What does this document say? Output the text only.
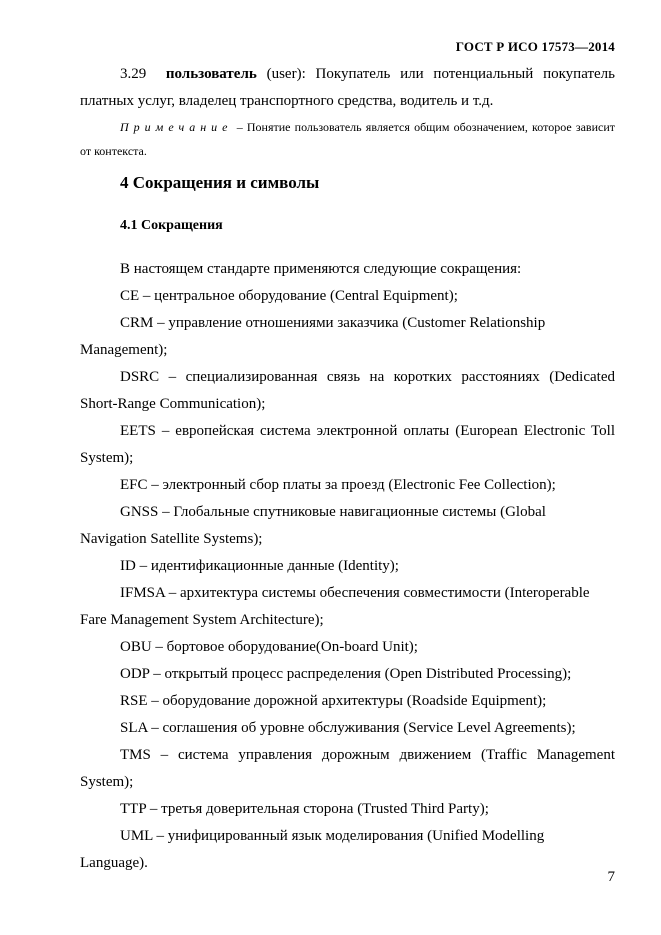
ГОСТ Р ИСО 17573—2014

3.29 пользователь (user): Покупатель или потенциальный покупатель платных услуг, владелец транспортного средства, водитель и т.д.

Примечание – Понятие пользователь является общим обозначением, которое зависит от контекста.

4 Сокращения и символы
4.1 Сокращения

В настоящем стандарте применяются следующие сокращения:

CE – центральное оборудование (Central Equipment);

CRM – управление отношениями заказчика (Customer Relationship Management);

DSRC – специализированная связь на коротких расстояниях (Dedicated Short-Range Communication);

EETS – европейская система электронной оплаты (European Electronic Toll System);

EFC – электронный сбор платы за проезд (Electronic Fee Collection);

GNSS – Глобальные спутниковые навигационные системы (Global Navigation Satellite Systems);

ID – идентификационные данные (Identity);

IFMSA – архитектура системы обеспечения совместимости (Interoperable Fare Management System Architecture);

OBU – бортовое оборудование(On-board Unit);

ODP – открытый процесс распределения (Open Distributed Processing);

RSE – оборудование дорожной архитектуры (Roadside Equipment);

SLA – соглашения об уровне обслуживания (Service Level Agreements);

TMS – система управления дорожным движением (Traffic Management System);

TTP – третья доверительная сторона (Trusted Third Party);

UML – унифицированный язык моделирования (Unified Modelling Language).

7
